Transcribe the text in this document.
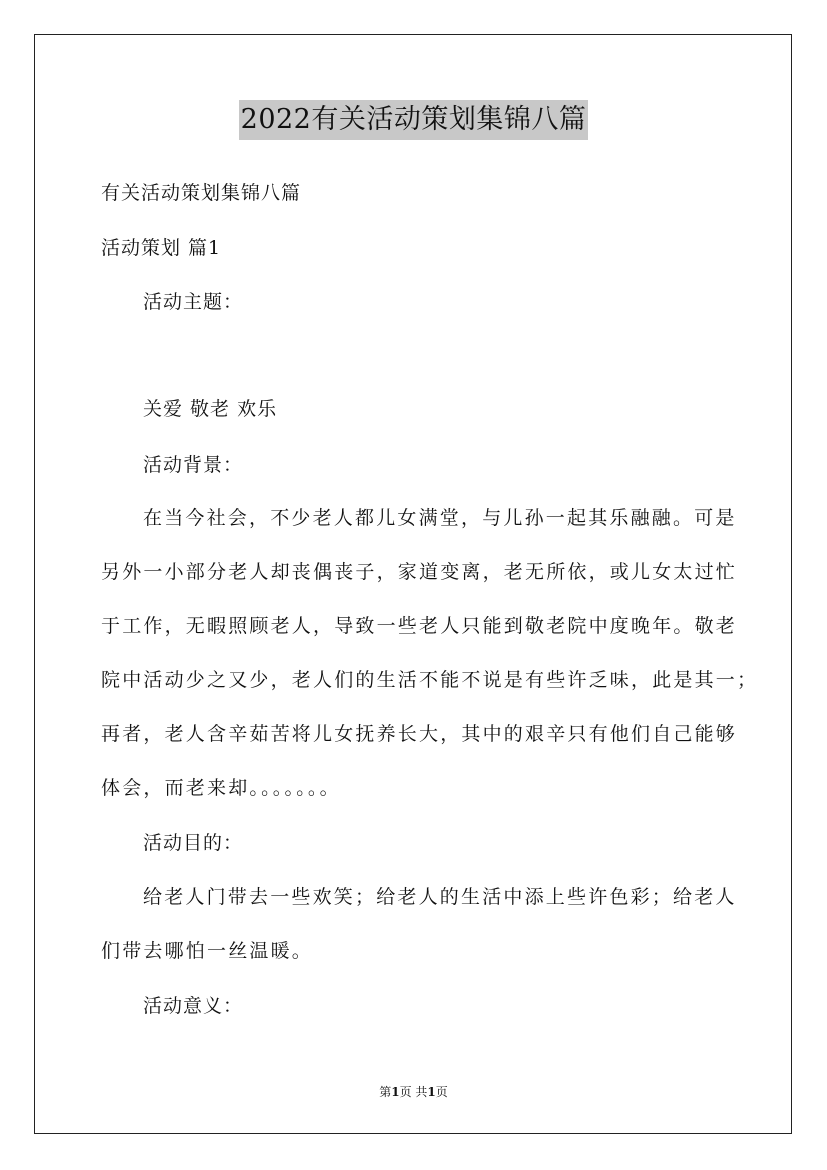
2022有关活动策划集锦八篇
有关活动策划集锦八篇
活动策划 篇1
活动主题：
关爱 敬老 欢乐
活动背景：
在当今社会，不少老人都儿女满堂，与儿孙一起其乐融融。可是
另外一小部分老人却丧偶丧子，家道变离，老无所依，或儿女太过忙
于工作，无暇照顾老人，导致一些老人只能到敬老院中度晚年。敬老
院中活动少之又少，老人们的生活不能不说是有些许乏味，此是其一；
再者，老人含辛茹苦将儿女抚养长大，其中的艰辛只有他们自己能够
体会，而老来却。。。。。。。
活动目的：
给老人门带去一些欢笑；给老人的生活中添上些许色彩；给老人
们带去哪怕一丝温暖。
活动意义：
第1页 共1页
